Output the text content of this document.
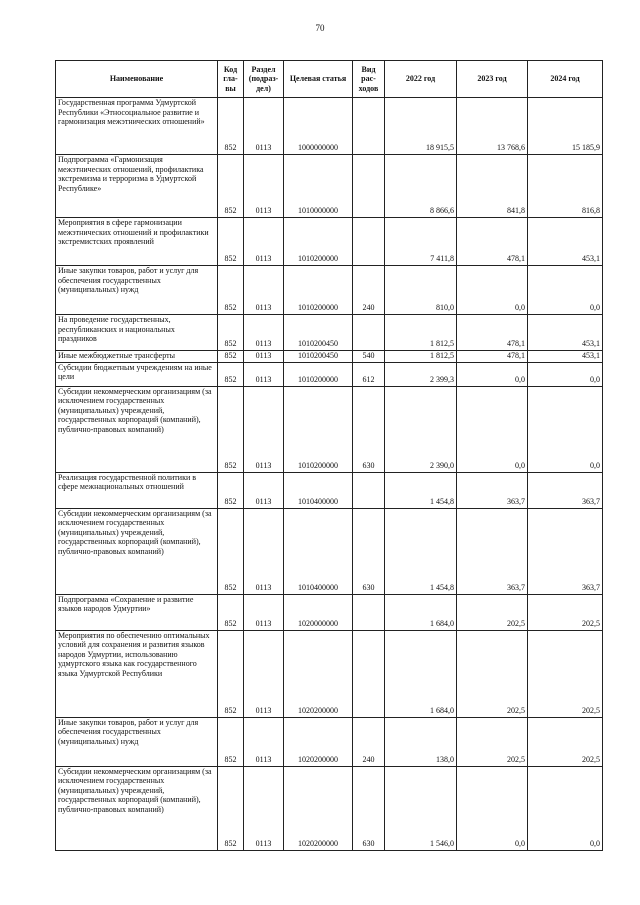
70
Наименование	Код гла- вы	Раздел (подраз- дел)	Целевая статья	Вид рас- ходов	2022 год	2023 год	2024 год
Государственная программа Удмуртской Республики «Этносоциальное развитие и гармонизация межэтнических отношений»	852	0113	1000000000		18 915,5	13 768,6	15 185,9
Подпрограмма «Гармонизация межэтнических отношений, профилактика экстремизма и терроризма в Удмуртской Республике»	852	0113	1010000000		8 866,6	841,8	816,8
Мероприятия в сфере гармонизации межэтнических отношений и профилактики экстремистских проявлений	852	0113	1010200000		7 411,8	478,1	453,1
Иные закупки товаров, работ и услуг для обеспечения государственных (муниципальных) нужд	852	0113	1010200000	240	810,0	0,0	0,0
На проведение государственных, республиканских и национальных праздников	852	0113	1010200450		1 812,5	478,1	453,1
Иные межбюджетные трансферты	852	0113	1010200450	540	1 812,5	478,1	453,1
Субсидии бюджетным учреждениям на иные цели	852	0113	1010200000	612	2 399,3	0,0	0,0
Субсидии некоммерческим организациям (за исключением государственных (муниципальных) учреждений, государственных корпораций (компаний), публично-правовых компаний)	852	0113	1010200000	630	2 390,0	0,0	0,0
Реализация государственной политики в сфере межнациональных отношений	852	0113	1010400000		1 454,8	363,7	363,7
Субсидии некоммерческим организациям (за исключением государственных (муниципальных) учреждений, государственных корпораций (компаний), публично-правовых компаний)	852	0113	1010400000	630	1 454,8	363,7	363,7
Подпрограмма «Сохранение и развитие языков народов Удмуртии»	852	0113	1020000000		1 684,0	202,5	202,5
Мероприятия по обеспечению оптимальных условий для сохранения и развития языков народов Удмуртии, использованию удмуртского языка как государственного языка Удмуртской Республики	852	0113	1020200000		1 684,0	202,5	202,5
Иные закупки товаров, работ и услуг для обеспечения государственных (муниципальных) нужд	852	0113	1020200000	240	138,0	202,5	202,5
Субсидии некоммерческим организациям (за исключением государственных (муниципальных) учреждений, государственных корпораций (компаний), публично-правовых компаний)	852	0113	1020200000	630	1 546,0	0,0	0,0
